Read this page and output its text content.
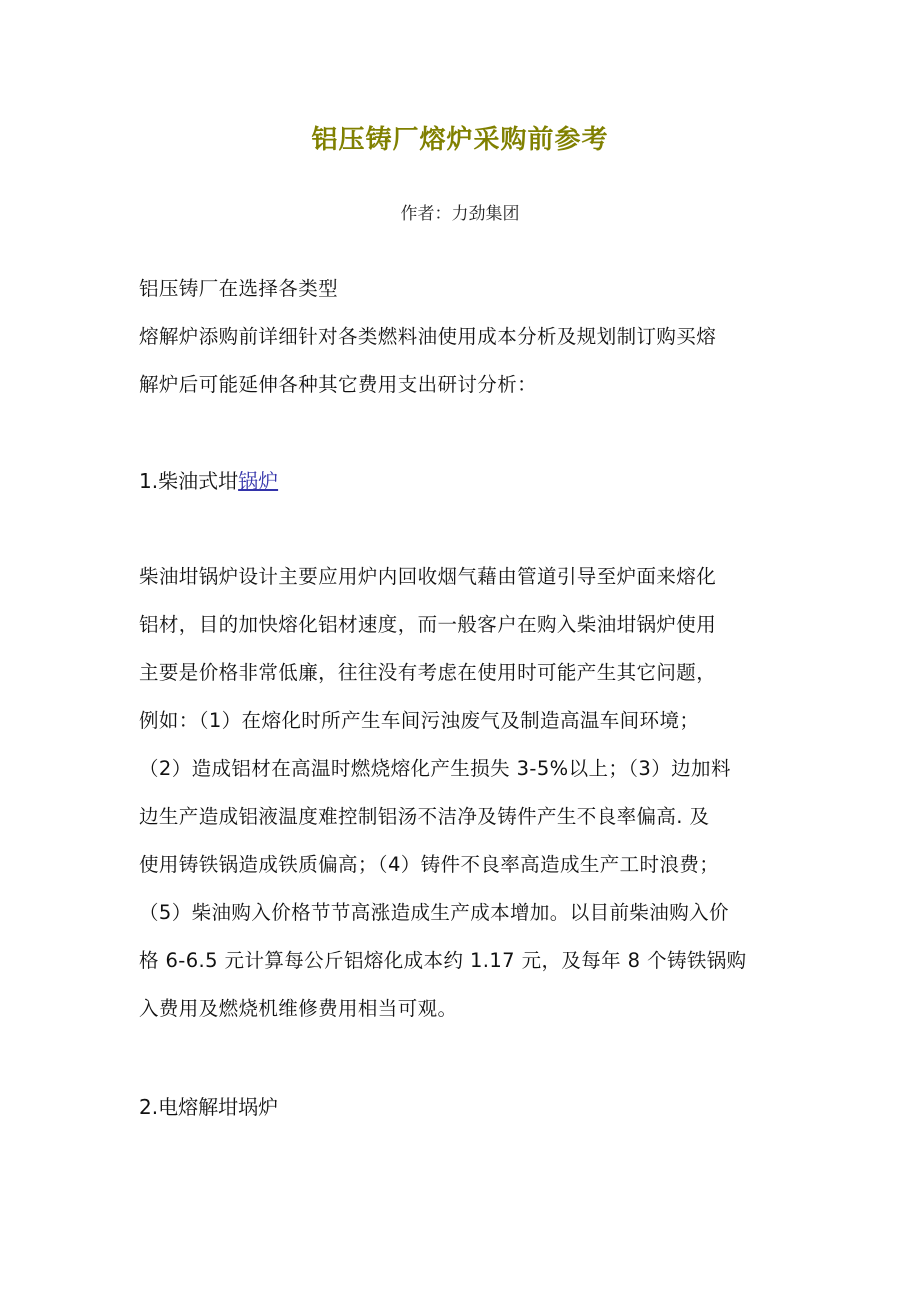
铝压铸厂熔炉采购前参考
作者：力劲集团
铝压铸厂在选择各类型
熔解炉添购前详细针对各类燃料油使用成本分析及规划制订购买熔
解炉后可能延伸各种其它费用支出研讨分析：
1.柴油式坩锅炉
柴油坩锅炉设计主要应用炉内回收烟气藉由管道引导至炉面来熔化
铝材，目的加快熔化铝材速度，而一般客户在购入柴油坩锅炉使用
主要是价格非常低廉，往往没有考虑在使用时可能产生其它问题，
例如：（1）在熔化时所产生车间污浊废气及制造高温车间环境；
（2）造成铝材在高温时燃烧熔化产生损失 3-5%以上；（3）边加料
边生产造成铝液温度难控制铝汤不洁净及铸件产生不良率偏高. 及
使用铸铁锅造成铁质偏高；（4）铸件不良率高造成生产工时浪费；
（5）柴油购入价格节节高涨造成生产成本增加。以目前柴油购入价
格 6-6.5 元计算每公斤铝熔化成本约 1.17 元，及每年 8 个铸铁锅购
入费用及燃烧机维修费用相当可观。
2.电熔解坩埚炉
